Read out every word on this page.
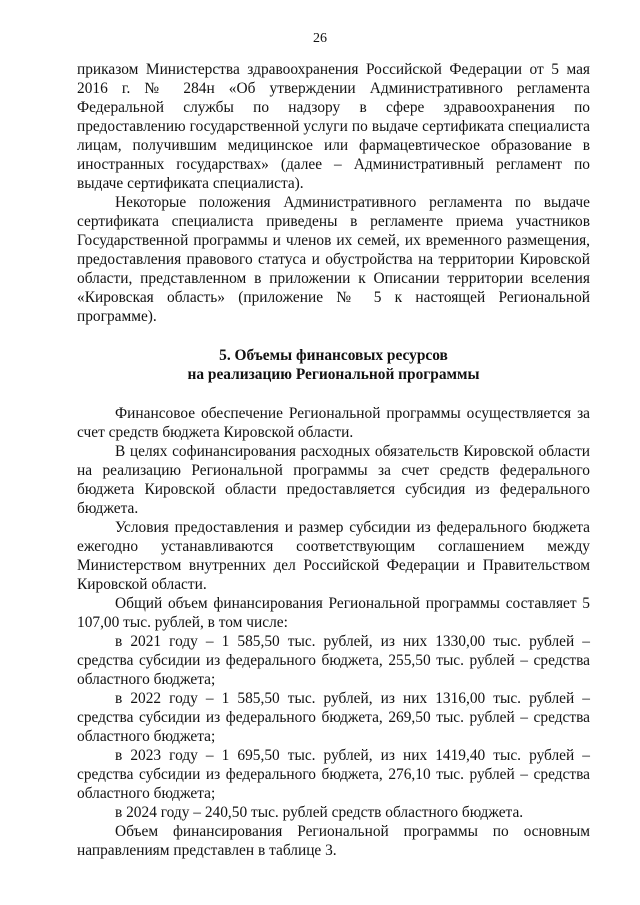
26

приказом Министерства здравоохранения Российской Федерации от 5 мая 2016 г. № 284н «Об утверждении Административного регламента Федеральной службы по надзору в сфере здравоохранения по предоставлению государственной услуги по выдаче сертификата специалиста лицам, получившим медицинское или фармацевтическое образование в иностранных государствах» (далее – Административный регламент по выдаче сертификата специалиста).

Некоторые положения Административного регламента по выдаче сертификата специалиста приведены в регламенте приема участников Государственной программы и членов их семей, их временного размещения, предоставления правового статуса и обустройства на территории Кировской области, представленном в приложении к Описании территории вселения «Кировская область» (приложение № 5 к настоящей Региональной программе).

5. Объемы финансовых ресурсов
на реализацию Региональной программы

Финансовое обеспечение Региональной программы осуществляется за счет средств бюджета Кировской области.

В целях софинансирования расходных обязательств Кировской области на реализацию Региональной программы за счет средств федерального бюджета Кировской области предоставляется субсидия из федерального бюджета.

Условия предоставления и размер субсидии из федерального бюджета ежегодно устанавливаются соответствующим соглашением между Министерством внутренних дел Российской Федерации и Правительством Кировской области.

Общий объем финансирования Региональной программы составляет 5 107,00 тыс. рублей, в том числе:

в 2021 году – 1 585,50 тыс. рублей, из них 1330,00 тыс. рублей – средства субсидии из федерального бюджета, 255,50 тыс. рублей – средства областного бюджета;

в 2022 году – 1 585,50 тыс. рублей, из них 1316,00 тыс. рублей – средства субсидии из федерального бюджета, 269,50 тыс. рублей – средства областного бюджета;

в 2023 году – 1 695,50 тыс. рублей, из них 1419,40 тыс. рублей – средства субсидии из федерального бюджета, 276,10 тыс. рублей – средства областного бюджета;

в 2024 году – 240,50 тыс. рублей средств областного бюджета.

Объем финансирования Региональной программы по основным направлениям представлен в таблице 3.
